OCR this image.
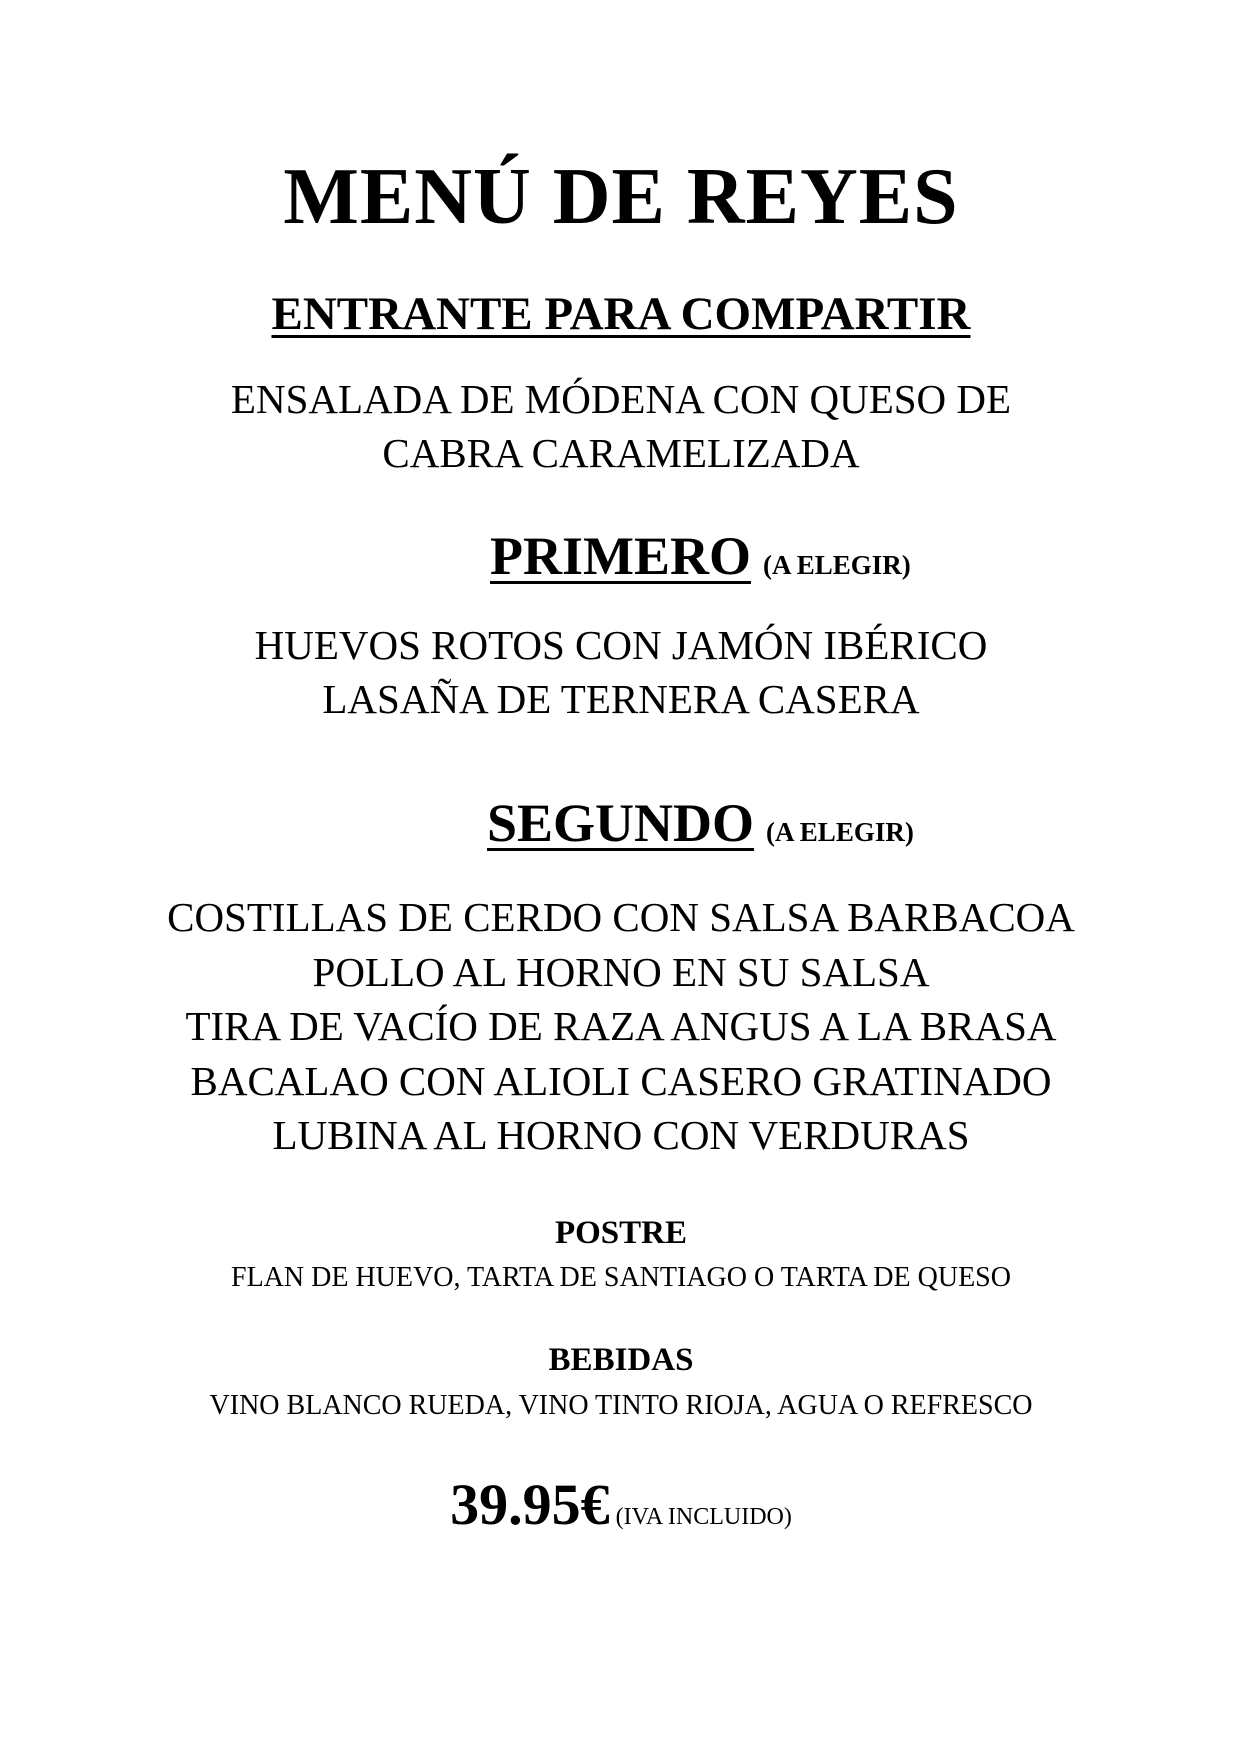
MENÚ DE REYES
ENTRANTE PARA COMPARTIR
ENSALADA DE MÓDENA CON QUESO DE
CABRA CARAMELIZADA
PRIMERO (A ELEGIR)
HUEVOS ROTOS CON JAMÓN IBÉRICO
LASAÑA DE TERNERA CASERA
SEGUNDO (A ELEGIR)
COSTILLAS DE CERDO CON SALSA BARBACOA
POLLO AL HORNO EN SU SALSA
TIRA DE VACÍO DE RAZA ANGUS A LA BRASA
BACALAO CON ALIOLI CASERO GRATINADO
LUBINA AL HORNO CON VERDURAS
POSTRE
FLAN DE HUEVO, TARTA DE SANTIAGO O TARTA DE QUESO
BEBIDAS
VINO BLANCO RUEDA, VINO TINTO RIOJA, AGUA O REFRESCO
39.95€ (IVA INCLUIDO)
